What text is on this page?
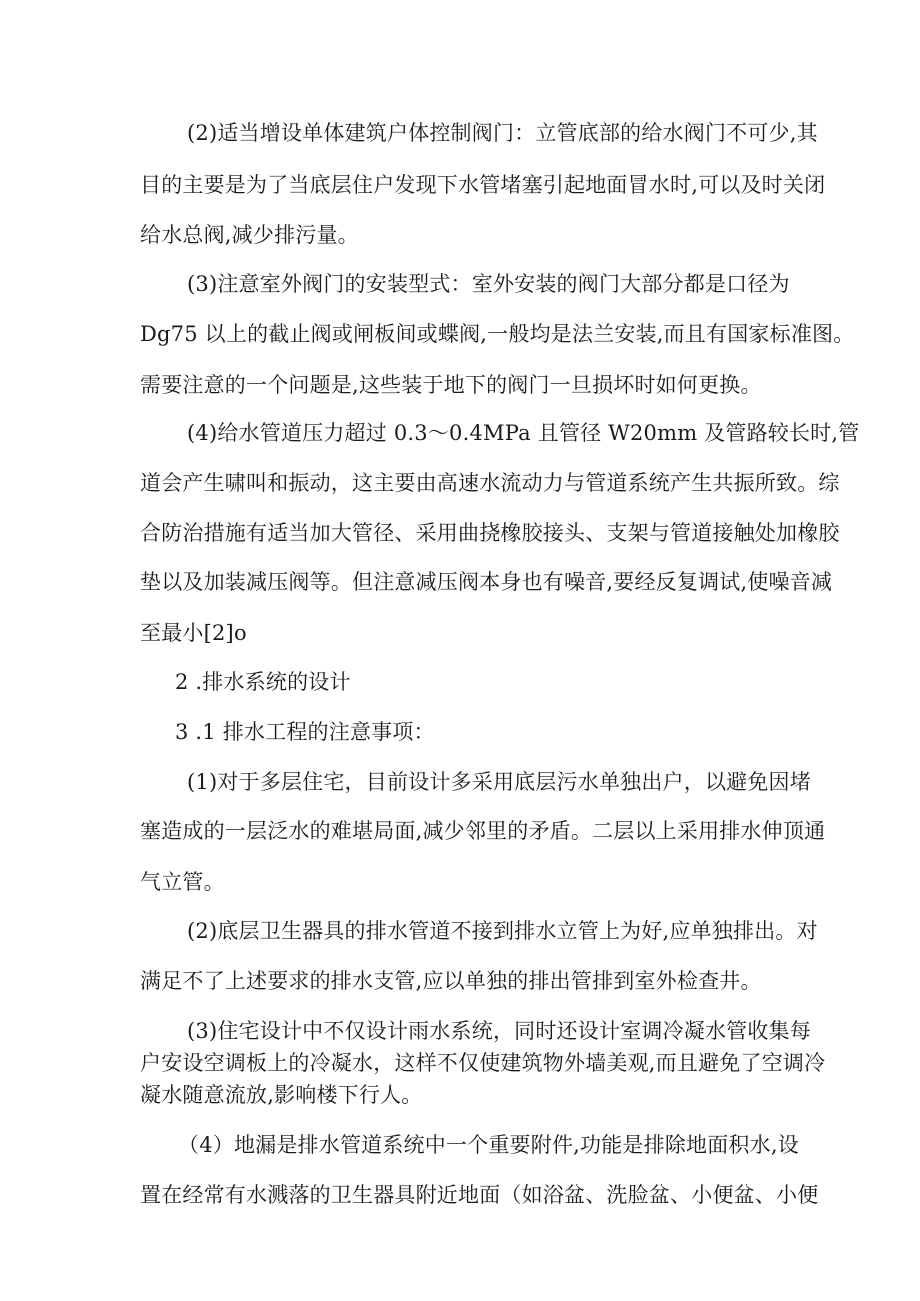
(2)适当增设单体建筑户体控制阀门：立管底部的给水阀门不可少,其
目的主要是为了当底层住户发现下水管堵塞引起地面冒水时,可以及时关闭
给水总阀,减少排污量。
(3)注意室外阀门的安装型式：室外安装的阀门大部分都是口径为
Dg75 以上的截止阀或闸板间或蝶阀,一般均是法兰安装,而且有国家标准图。
需要注意的一个问题是,这些装于地下的阀门一旦损坏时如何更换。
(4)给水管道压力超过 0.3～0.4MPa 且管径 W20mm 及管路较长时,管
道会产生啸叫和振动，这主要由高速水流动力与管道系统产生共振所致。综
合防治措施有适当加大管径、采用曲挠橡胶接头、支架与管道接触处加橡胶
垫以及加装减压阀等。但注意减压阀本身也有噪音,要经反复调试,使噪音减
至最小[2]o
2 .排水系统的设计
3 .1 排水工程的注意事项：
(1)对于多层住宅，目前设计多采用底层污水单独出户，以避免因堵
塞造成的一层泛水的难堪局面,减少邻里的矛盾。二层以上采用排水伸顶通
气立管。
(2)底层卫生器具的排水管道不接到排水立管上为好,应单独排出。对
满足不了上述要求的排水支管,应以单独的排出管排到室外检查井。
(3)住宅设计中不仅设计雨水系统，同时还设计室调冷凝水管收集每
户安设空调板上的冷凝水，这样不仅使建筑物外墙美观,而且避免了空调冷
凝水随意流放,影响楼下行人。
（4）地漏是排水管道系统中一个重要附件,功能是排除地面积水,设
置在经常有水溅落的卫生器具附近地面（如浴盆、洗脸盆、小便盆、小便
